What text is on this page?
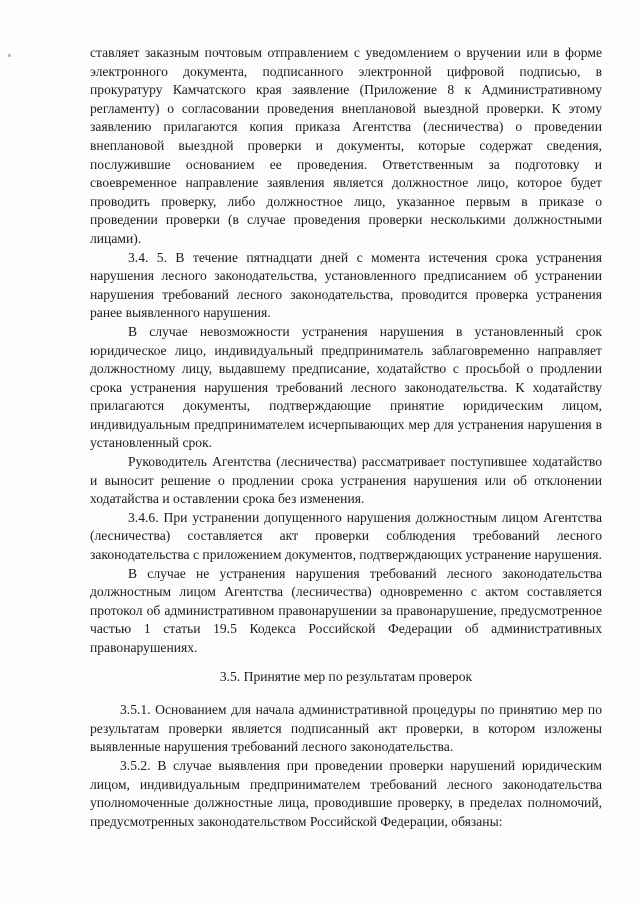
ставляет заказным почтовым отправлением с уведомлением о вручении или в форме электронного документа, подписанного электронной цифровой подписью, в прокуратуру Камчатского края заявление (Приложение 8 к Административному регламенту) о согласовании проведения внеплановой выездной проверки. К этому заявлению прилагаются копия приказа Агентства (лесничества) о проведении внеплановой выездной проверки и документы, которые содержат сведения, послужившие основанием ее проведения. Ответственным за подготовку и своевременное направление заявления является должностное лицо, которое будет проводить проверку, либо должностное лицо, указанное первым в приказе о проведении проверки (в случае проведения проверки несколькими должностными лицами).

3.4. 5. В течение пятнадцати дней с момента истечения срока устранения нарушения лесного законодательства, установленного предписанием об устранении нарушения требований лесного законодательства, проводится проверка устранения ранее выявленного нарушения.

В случае невозможности устранения нарушения в установленный срок юридическое лицо, индивидуальный предприниматель заблаговременно направляет должностному лицу, выдавшему предписание, ходатайство с просьбой о продлении срока устранения нарушения требований лесного законодательства. К ходатайству прилагаются документы, подтверждающие принятие юридическим лицом, индивидуальным предпринимателем исчерпывающих мер для устранения нарушения в установленный срок.

Руководитель Агентства (лесничества) рассматривает поступившее ходатайство и выносит решение о продлении срока устранения нарушения или об отклонении ходатайства и оставлении срока без изменения.

3.4.6. При устранении допущенного нарушения должностным лицом Агентства (лесничества) составляется акт проверки соблюдения требований лесного законодательства с приложением документов, подтверждающих устранение нарушения.

В случае не устранения нарушения требований лесного законодательства должностным лицом Агентства (лесничества) одновременно с актом составляется протокол об административном правонарушении за правонарушение, предусмотренное частью 1 статьи 19.5 Кодекса Российской Федерации об административных правонарушениях.

3.5. Принятие мер по результатам проверок

3.5.1. Основанием для начала административной процедуры по принятию мер по результатам проверки является подписанный акт проверки, в котором изложены выявленные нарушения требований лесного законодательства.

3.5.2. В случае выявления при проведении проверки нарушений юридическим лицом, индивидуальным предпринимателем требований лесного законодательства уполномоченные должностные лица, проводившие проверку, в пределах полномочий, предусмотренных законодательством Российской Федерации, обязаны:
